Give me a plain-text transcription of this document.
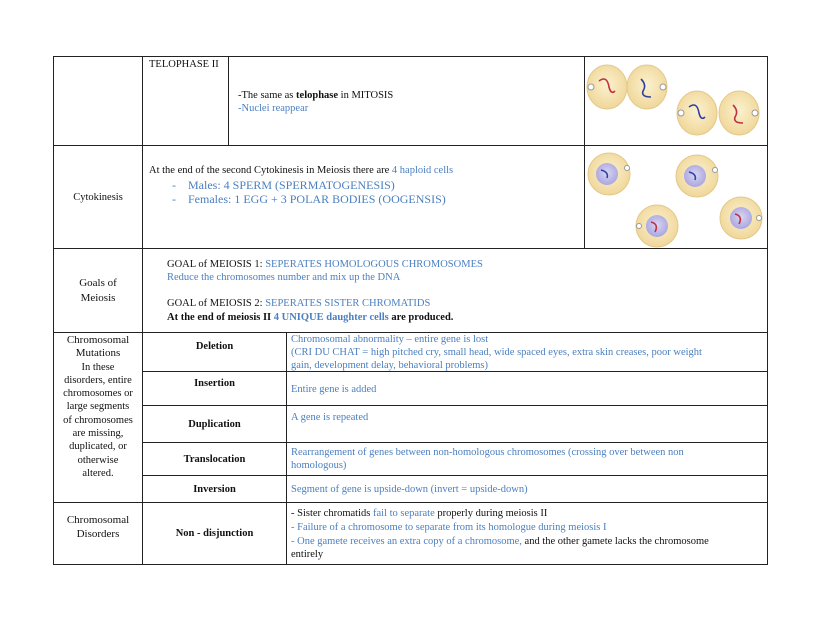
TELOPHASE II
-The same as telophase in MITOSIS
-Nuclei reappear
Cytokinesis
At the end of the second Cytokinesis in Meiosis there are 4 haploid cells
- Males: 4 SPERM (SPERMATOGENESIS)
- Females: 1 EGG + 3 POLAR BODIES (OOGENSIS)
Goals of
Meiosis
GOAL of MEIOSIS 1: SEPERATES HOMOLOGOUS CHROMOSOMES
Reduce the chromosomes number and mix up the DNA
GOAL of MEIOSIS 2: SEPERATES SISTER CHROMATIDS
At the end of meiosis II 4 UNIQUE daughter cells are produced.
Chromosomal
Mutations
In these
disorders, entire
chromosomes or
large segments
of chromosomes
are missing,
duplicated, or
otherwise
altered.
Deletion
Chromosomal abnormality – entire gene is lost
(CRI DU CHAT = high pitched cry, small head, wide spaced eyes, extra skin creases, poor weight
gain, development delay, behavioral problems)
Insertion
Entire gene is added
Duplication
A gene is repeated
Translocation
Rearrangement of genes between non-homologous chromosomes (crossing over between non
homologous)
Inversion	Segment of gene is upside-down (invert = upside-down)
Chromosomal
Disorders	Non - disjunction
- Sister chromatids fail to separate properly during meiosis II
- Failure of a chromosome to separate from its homologue during meiosis I
- One gamete receives an extra copy of a chromosome, and the other gamete lacks the chromosome
entirely
